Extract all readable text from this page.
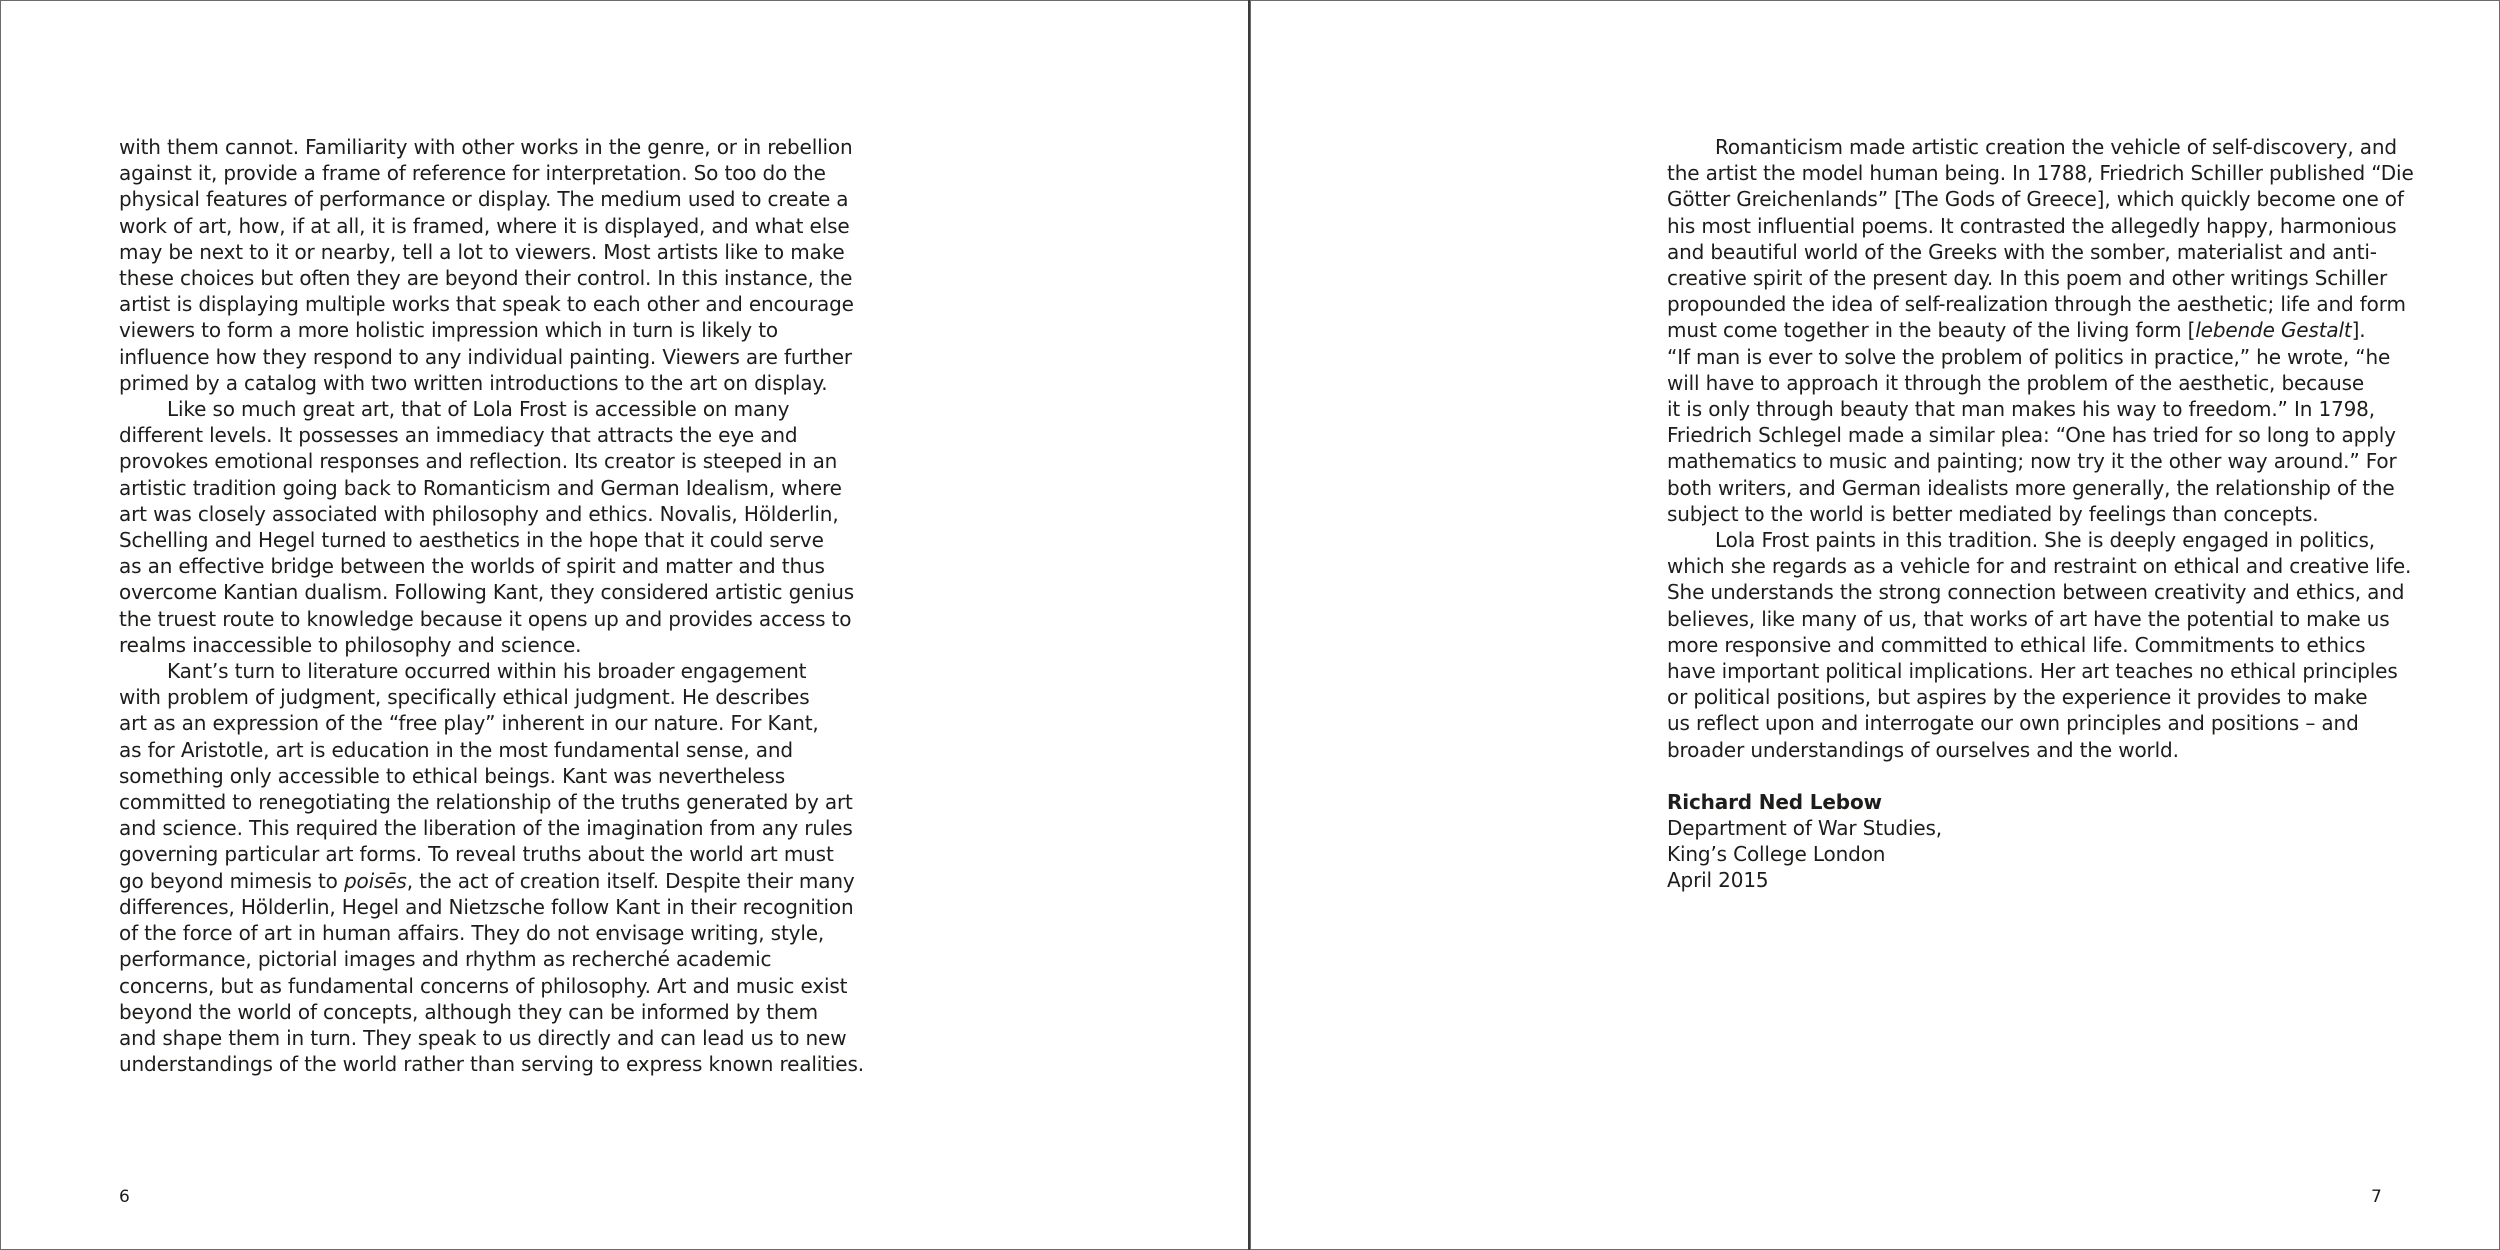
with them cannot. Familiarity with other works in the genre, or in rebellion
against it, provide a frame of reference for interpretation. So too do the
physical features of performance or display. The medium used to create a
work of art, how, if at all, it is framed, where it is displayed, and what else
may be next to it or nearby, tell a lot to viewers. Most artists like to make
these choices but often they are beyond their control. In this instance, the
artist is displaying multiple works that speak to each other and encourage
viewers to form a more holistic impression which in turn is likely to
influence how they respond to any individual painting. Viewers are further
primed by a catalog with two written introductions to the art on display.
Like so much great art, that of Lola Frost is accessible on many
different levels. It possesses an immediacy that attracts the eye and
provokes emotional responses and reflection. Its creator is steeped in an
artistic tradition going back to Romanticism and German Idealism, where
art was closely associated with philosophy and ethics. Novalis, Hölderlin,
Schelling and Hegel turned to aesthetics in the hope that it could serve
as an effective bridge between the worlds of spirit and matter and thus
overcome Kantian dualism. Following Kant, they considered artistic genius
the truest route to knowledge because it opens up and provides access to
realms inaccessible to philosophy and science.
Kant’s turn to literature occurred within his broader engagement
with problem of judgment, specifically ethical judgment. He describes
art as an expression of the “free play” inherent in our nature. For Kant,
as for Aristotle, art is education in the most fundamental sense, and
something only accessible to ethical beings. Kant was nevertheless
committed to renegotiating the relationship of the truths generated by art
and science. This required the liberation of the imagination from any rules
governing particular art forms. To reveal truths about the world art must
go beyond mimesis to poisēs, the act of creation itself. Despite their many
differences, Hölderlin, Hegel and Nietzsche follow Kant in their recognition
of the force of art in human affairs. They do not envisage writing, style,
performance, pictorial images and rhythm as recherché academic
concerns, but as fundamental concerns of philosophy. Art and music exist
beyond the world of concepts, although they can be informed by them
and shape them in turn. They speak to us directly and can lead us to new
understandings of the world rather than serving to express known realities.
6
Romanticism made artistic creation the vehicle of self-discovery, and
the artist the model human being. In 1788, Friedrich Schiller published “Die
Götter Greichenlands” [The Gods of Greece], which quickly become one of
his most influential poems. It contrasted the allegedly happy, harmonious
and beautiful world of the Greeks with the somber, materialist and anti-
creative spirit of the present day. In this poem and other writings Schiller
propounded the idea of self-realization through the aesthetic; life and form
must come together in the beauty of the living form [lebende Gestalt].
“If man is ever to solve the problem of politics in practice,” he wrote, “he
will have to approach it through the problem of the aesthetic, because
it is only through beauty that man makes his way to freedom.” In 1798,
Friedrich Schlegel made a similar plea: “One has tried for so long to apply
mathematics to music and painting; now try it the other way around.” For
both writers, and German idealists more generally, the relationship of the
subject to the world is better mediated by feelings than concepts.
Lola Frost paints in this tradition. She is deeply engaged in politics,
which she regards as a vehicle for and restraint on ethical and creative life.
She understands the strong connection between creativity and ethics, and
believes, like many of us, that works of art have the potential to make us
more responsive and committed to ethical life. Commitments to ethics
have important political implications. Her art teaches no ethical principles
or political positions, but aspires by the experience it provides to make
us reflect upon and interrogate our own principles and positions – and
broader understandings of ourselves and the world.
Richard Ned Lebow
Department of War Studies,
King’s College London
April 2015
7
